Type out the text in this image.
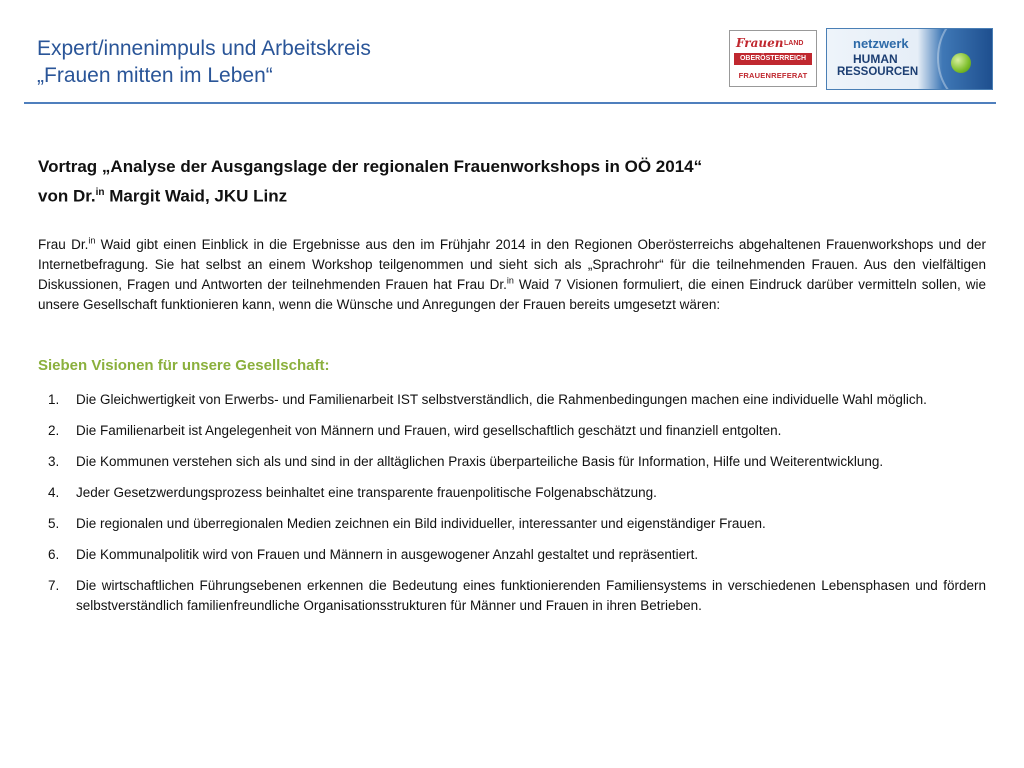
Expert/innenimpuls und Arbeitskreis
„Frauen mitten im Leben“
Frauen LAND
OBERÖSTERREICH
FRAUENREFERAT
netzwerk
HUMAN
RESSOURCEN
Vortrag „Analyse der Ausgangslage der regionalen Frauenworkshops in OÖ 2014“
von Dr.$^{in}$ Margit Waid, JKU Linz
Frau Dr.$^{in}$ Waid gibt einen Einblick in die Ergebnisse aus den im Frühjahr 2014 in den Regionen Oberösterreichs abgehaltenen Frauenworkshops und der Internetbefragung. Sie hat selbst an einem Workshop teilgenommen und sieht sich als „Sprachrohr“ für die teilnehmenden Frauen. Aus den vielfältigen Diskussionen, Fragen und Antworten der teilnehmenden Frauen hat Frau Dr.$^{in}$ Waid 7 Visionen formuliert, die einen Eindruck darüber vermitteln sollen, wie unsere Gesellschaft funktionieren kann, wenn die Wünsche und Anregungen der Frauen bereits umgesetzt wären:
Sieben Visionen für unsere Gesellschaft:
1. Die Gleichwertigkeit von Erwerbs- und Familienarbeit IST selbstverständlich, die Rahmenbedingungen machen eine individuelle Wahl möglich.
2. Die Familienarbeit ist Angelegenheit von Männern und Frauen, wird gesellschaftlich geschätzt und finanziell entgolten.
3. Die Kommunen verstehen sich als und sind in der alltäglichen Praxis überparteiliche Basis für Information, Hilfe und Weiterentwicklung.
4. Jeder Gesetzwerdungsprozess beinhaltet eine transparente frauenpolitische Folgenabschätzung.
5. Die regionalen und überregionalen Medien zeichnen ein Bild individueller, interessanter und eigenständiger Frauen.
6. Die Kommunalpolitik wird von Frauen und Männern in ausgewogener Anzahl gestaltet und repräsentiert.
7. Die wirtschaftlichen Führungsebenen erkennen die Bedeutung eines funktionierenden Familiensystems in verschiedenen Lebensphasen und fördern selbstverständlich familienfreundliche Organisationsstrukturen für Männer und Frauen in ihren Betrieben.
